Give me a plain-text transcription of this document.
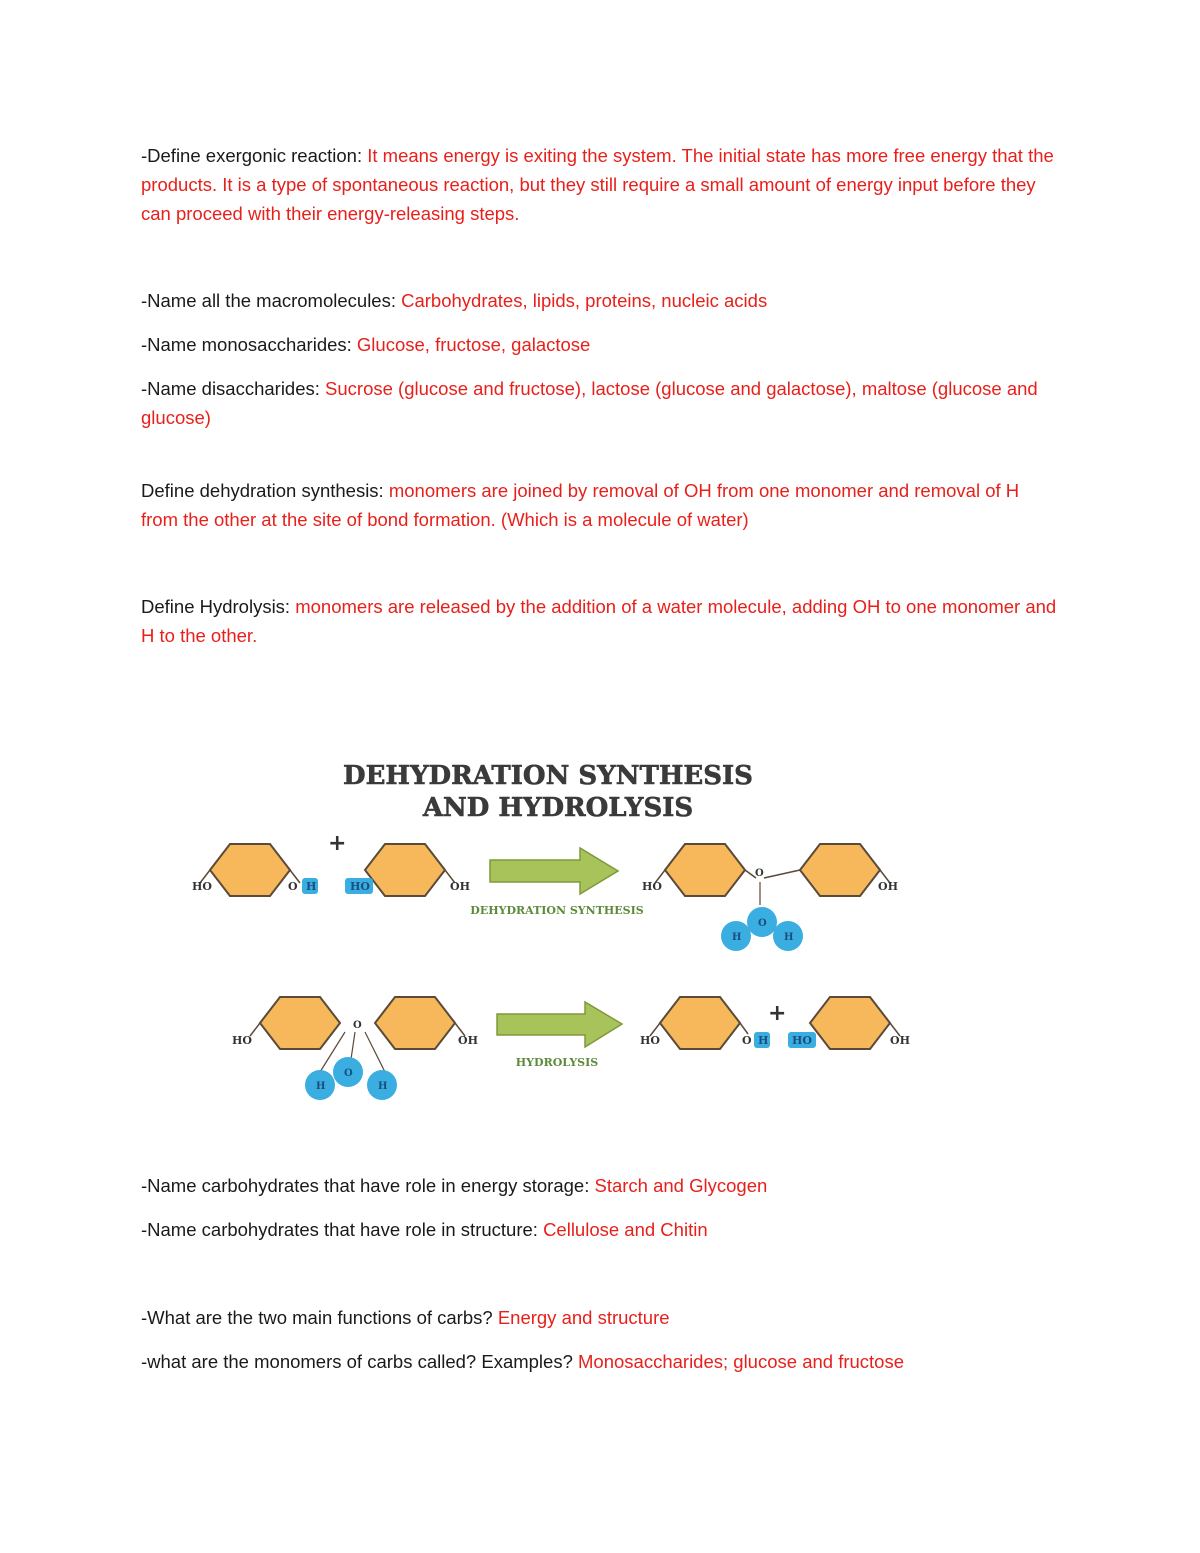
-Define exergonic reaction: It means energy is exiting the system. The initial state has more free energy that the products. It is a type of spontaneous reaction, but they still require a small amount of energy input before they can proceed with their energy-releasing steps.

-Name all the macromolecules: Carbohydrates, lipids, proteins, nucleic acids

-Name monosaccharides: Glucose, fructose, galactose

-Name disaccharides: Sucrose (glucose and fructose), lactose (glucose and galactose), maltose (glucose and glucose)

Define dehydration synthesis: monomers are joined by removal of OH from one monomer and removal of H from the other at the site of bond formation. (Which is a molecule of water)

Define Hydrolysis: monomers are released by the addition of a water molecule, adding OH to one monomer and H to the other.

DEHYDRATION SYNTHESIS
AND HYDROLYSIS
HO	O H
+
HO	OH
DEHYDRATION SYNTHESIS
HO
O
OH
O
H	H
HO
O
OH
O
H	H
HYDROLYSIS
HO	O H
+
HO	OH

-Name carbohydrates that have role in energy storage: Starch and Glycogen

-Name carbohydrates that have role in structure: Cellulose and Chitin

-What are the two main functions of carbs? Energy and structure

-what are the monomers of carbs called? Examples? Monosaccharides; glucose and fructose
